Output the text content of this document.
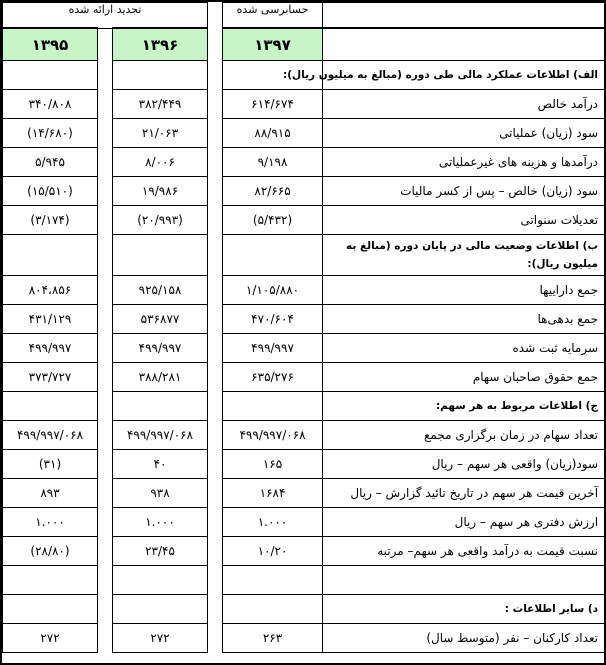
تجدید ارائه شده				حسابرسی شده	
۱۳۹۵		۱۳۹۶		۱۳۹۷	
					الف) اطلاعات عملکرد مالی طی دوره (مبالغ به میلیون ریال):
۳۴۰/۸۰۸		۳۸۲/۴۴۹		۶۱۴/۶۷۴	درآمد خالص
(۱۴/۶۸۰)		۲۱/۰۶۳		۸۸/۹۱۵	سود (زیان) عملیاتی
۵/۹۴۵		۸/۰۰۶		۹/۱۹۸	درآمدها و هزینه های غیرعملیاتی
(۱۵/۵۱۰)		۱۹/۹۸۶		۸۲/۶۶۵	سود (زیان) خالص – پس از کسر مالیات
(۳/۱۷۴)		(۲۰/۹۹۳)		(۵/۴۳۲)	تعدیلات سنواتی
					ب) اطلاعات وضعیت مالی در پایان دوره (مبالغ به میلیون ریال):
۸۰۴،۸۵۶		۹۲۵/۱۵۸		۱/۱۰۵/۸۸۰	جمع داراییها
۴۳۱/۱۲۹		۵۳۶۸۷۷		۴۷۰/۶۰۴	جمع بدهی‌ها
۴۹۹/۹۹۷		۴۹۹/۹۹۷		۴۹۹/۹۹۷	سرمایه ثبت شده
۳۷۳/۷۲۷		۳۸۸/۲۸۱		۶۳۵/۲۷۶	جمع حقوق صاحبان سهام
					ج) اطلاعات مربوط به هر سهم:
۴۹۹/۹۹۷/۰۶۸		۴۹۹/۹۹۷/۰۶۸		۴۹۹/۹۹۷/۰۶۸	تعداد سهام در زمان برگزاری مجمع
(۳۱)		۴۰		۱۶۵	سود(زیان) واقعی هر سهم – ریال
۸۹۳		۹۳۸		۱۶۸۴	آخرین قیمت هر سهم در تاریخ تائید گزارش – ریال
۱.۰۰۰		۱.۰۰۰		۱.۰۰۰	ارزش دفتری هر سهم – ریال
(۲۸/۸۰)		۲۳/۴۵		۱۰/۲۰	نسبت قیمت به درآمد واقعی هر سهم– مرتبه

					د) سایر اطلاعات :
۲۷۲		۲۷۲		۲۶۳	تعداد کارکنان – نفر (متوسط سال)
